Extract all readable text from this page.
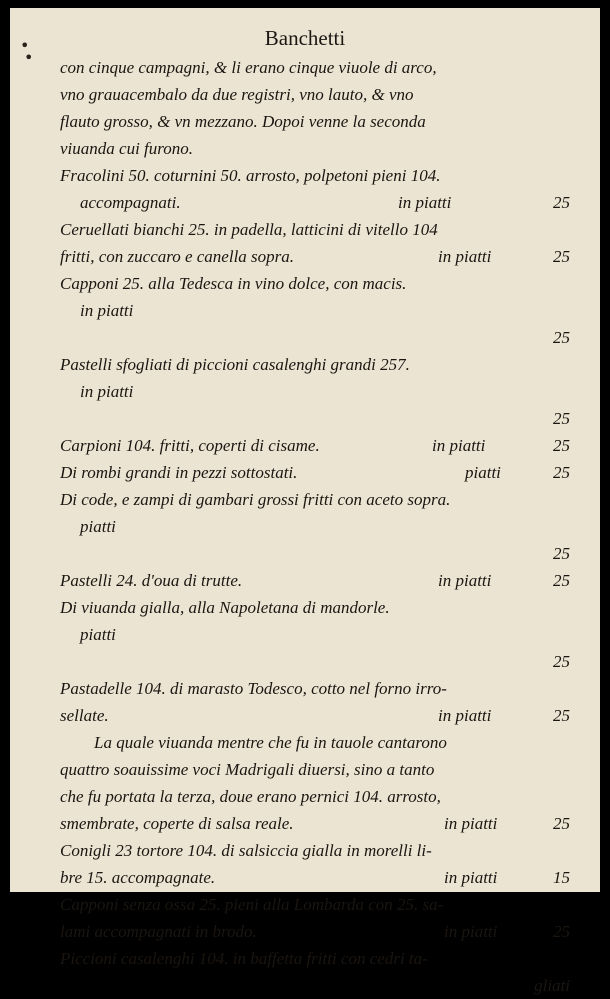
Banchetti
•
•
con cinque campagni, & li erano cinque viuole di arco,
vno grauacembalo da due registri, vno lauto, & vno
flauto grosso, & vn mezzano. Dopoi venne la seconda
viuanda cui furono.
Fracolini 50. coturnini 50. arrosto, polpetoni pieni 104.
accompagnati.	in piatti	25
Ceruellati bianchi 25. in padella, latticini di vitello 104
fritti, con zuccaro e canella sopra.	in piatti	25
Capponi 25. alla Tedesca in vino dolce, con macis.
in piatti
25
Pastelli sfogliati di piccioni casalenghi grandi 257.
in piatti
25
Carpioni 104. fritti, coperti di cisame.	in piatti	25
Di rombi grandi in pezzi sottostati.	piatti	25
Di code, e zampi di gambari grossi fritti con aceto sopra.
piatti
25
Pastelli 24. d'oua di trutte.	in piatti	25
Di viuanda gialla, alla Napoletana di mandorle.
piatti
25
Pastadelle 104. di marasto Todesco, cotto nel forno irro-
sellate.	in piatti	25
La quale viuanda mentre che fu in tauole cantarono
quattro soauissime voci Madrigali diuersi, sino a tanto
che fu portata la terza, doue erano pernici 104. arrosto,
smembrate, coperte di salsa reale.	in piatti	25
Conigli 23 tortore 104. di salsiccia gialla in morelli li-
bre 15. accompagnate.	in piatti	15
Capponi senza ossa 25. pieni alla Lombarda con 25. sa-
lami accompagnati in brodo.	in piatti	25
Piccioni casalenghi 104. in baffetta fritti con cedri ta-
gliati
